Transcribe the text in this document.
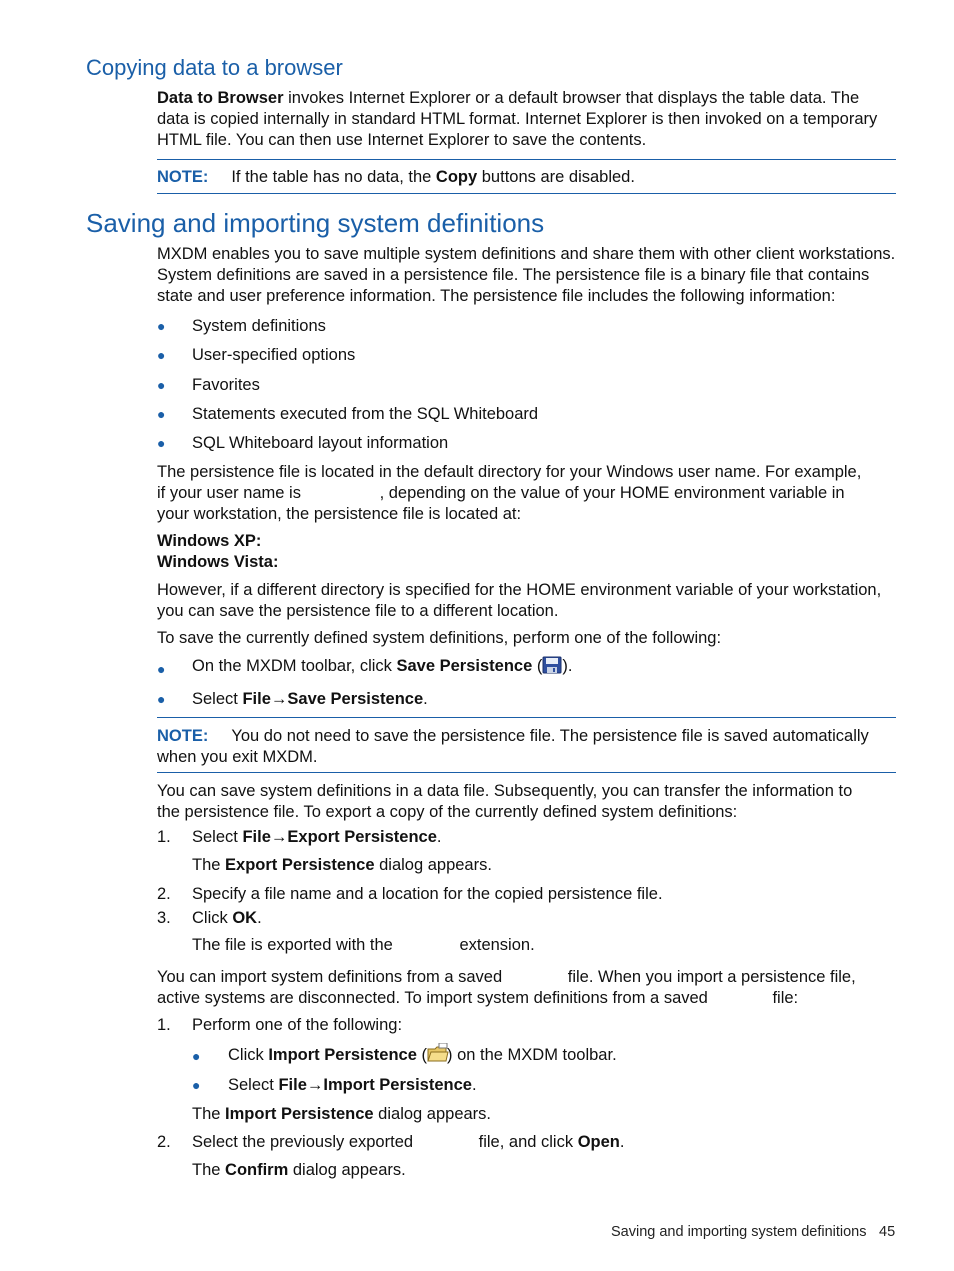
Copying data to a browser
Data to Browser invokes Internet Explorer or a default browser that displays the table data. The
data is copied internally in standard HTML format. Internet Explorer is then invoked on a temporary
HTML file. You can then use Internet Explorer to save the contents.
NOTE: If the table has no data, the Copy buttons are disabled.
Saving and importing system definitions
MXDM enables you to save multiple system definitions and share them with other client workstations.
System definitions are saved in a persistence file. The persistence file is a binary file that contains
state and user preference information. The persistence file includes the following information:
● System definitions
● User-specified options
● Favorites
● Statements executed from the SQL Whiteboard
● SQL Whiteboard layout information
The persistence file is located in the default directory for your Windows user name. For example,
if your user name is	, depending on the value of your HOME environment variable in
your workstation, the persistence file is located at:
Windows XP:
Windows Vista:
However, if a different directory is specified for the HOME environment variable of your workstation,
you can save the persistence file to a different location.
To save the currently defined system definitions, perform one of the following:
● On the MXDM toolbar, click Save Persistence ( ).
● Select File→Save Persistence.
NOTE: You do not need to save the persistence file. The persistence file is saved automatically
when you exit MXDM.
You can save system definitions in a data file. Subsequently, you can transfer the information to
the persistence file. To export a copy of the currently defined system definitions:
1. Select File→Export Persistence.
The Export Persistence dialog appears.
2. Specify a file name and a location for the copied persistence file.
3. Click OK.
The file is exported with the	extension.
You can import system definitions from a saved	file. When you import a persistence file,
active systems are disconnected. To import system definitions from a saved	file:
1. Perform one of the following:
● Click Import Persistence ( ) on the MXDM toolbar.
● Select File→Import Persistence.
The Import Persistence dialog appears.
2. Select the previously exported	file, and click Open.
The Confirm dialog appears.
Saving and importing system definitions 45
